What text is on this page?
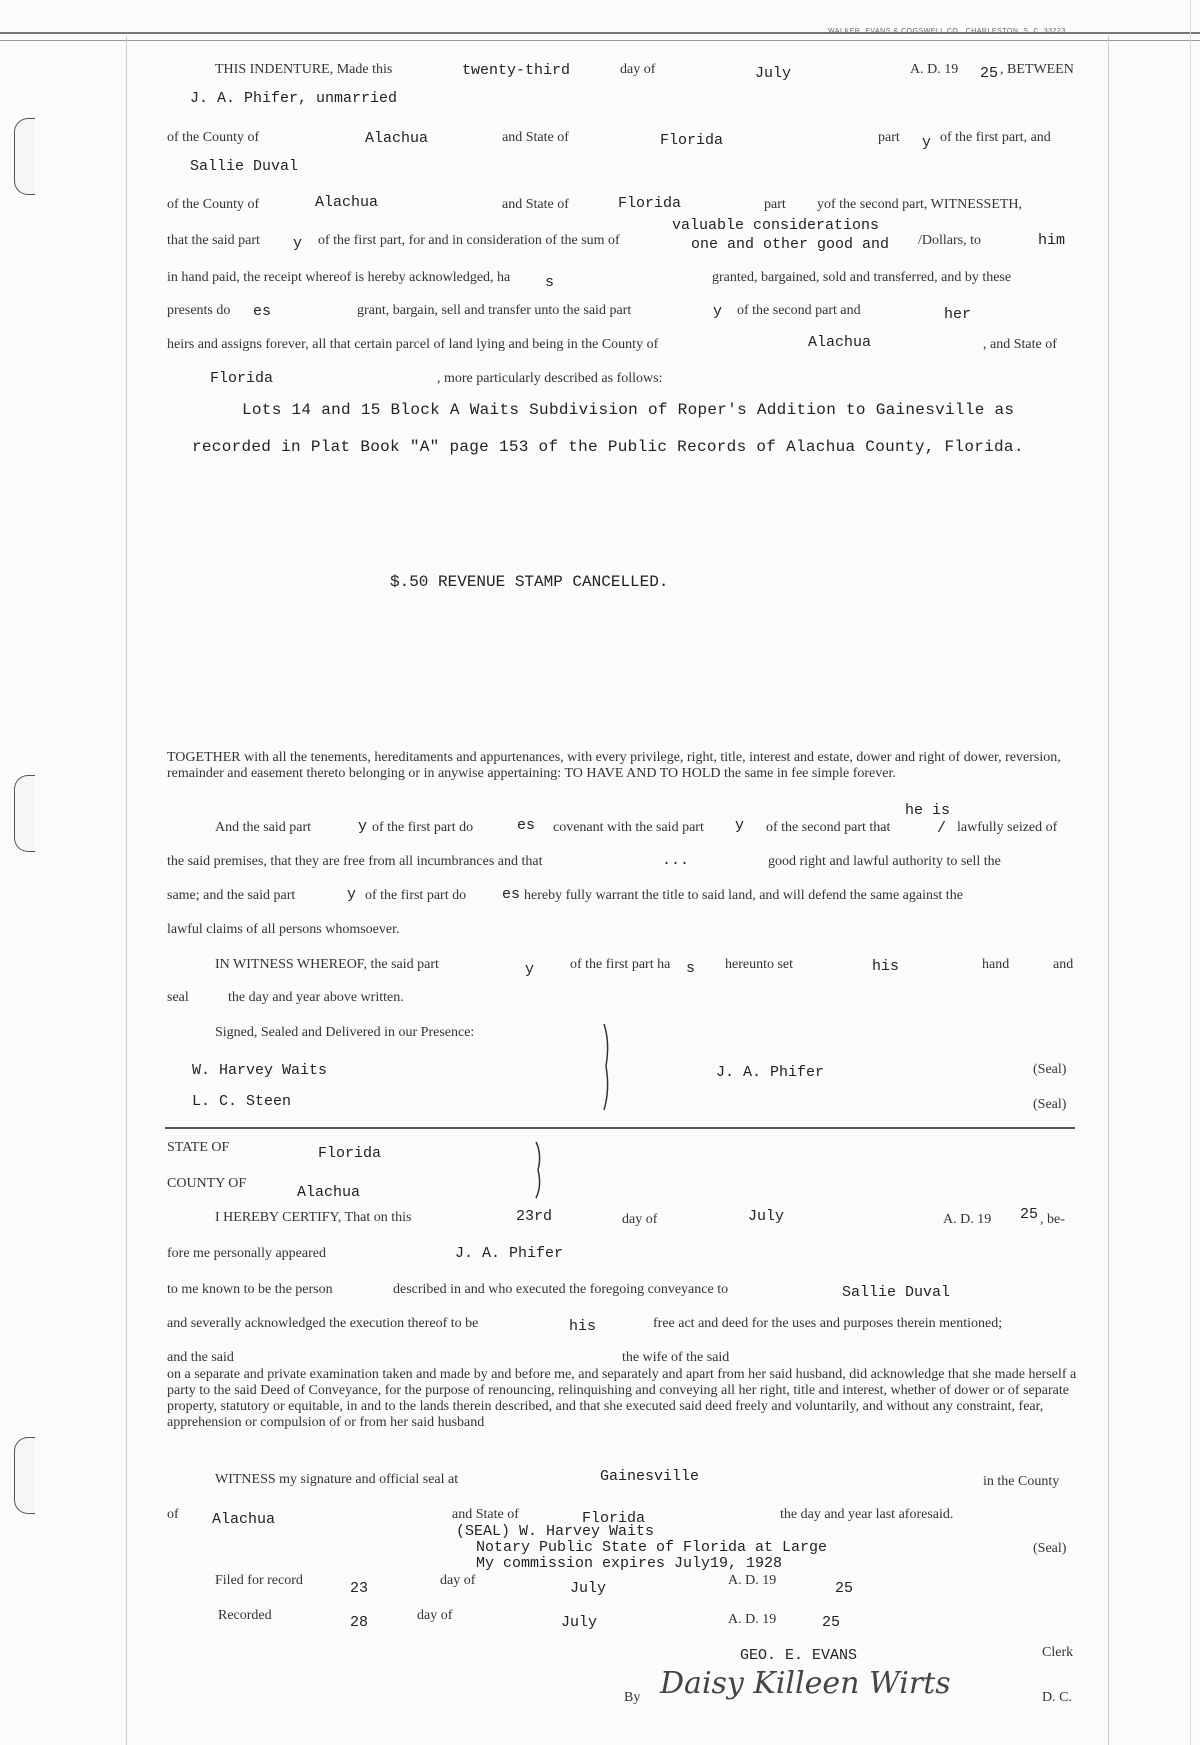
WALKER, EVANS & COGSWELL CO., CHARLESTON, S. C. 33223
THIS INDENTURE, Made this	twenty-third	day of	July	A. D. 19 25 , BETWEEN
J. A. Phifer, unmarried
of the County of	Alachua	and State of	Florida	part y of the first part, and
Sallie Duval
of the County of	Alachua	and State of	Florida	part yof the second part, WITNESSETH,
valuable considerations
that the said part y of the first part, for and in consideration of the sum of	one and other good and /Dollars, to	him
in hand paid, the receipt whereof is hereby acknowledged, ha s	granted, bargained, sold and transferred, and by these
presents do es	grant, bargain, sell and transfer unto the said part	y of the second part and	her
heirs and assigns forever, all that certain parcel of land lying and being in the County of	Alachua	, and State of
Florida	, more particularly described as follows:
Lots 14 and 15 Block A Waits Subdivision of Roper's Addition to Gainesville as
recorded in Plat Book "A" page 153 of the Public Records of Alachua County, Florida.
$.50 REVENUE STAMP CANCELLED.
TOGETHER with all the tenements, hereditaments and appurtenances, with every privilege, right, title, interest and estate, dower and right of dower, reversion, remainder and easement thereto belonging or in anywise appertaining: TO HAVE AND TO HOLD the same in fee simple forever.
he is
And the said part	y of the first part do	es covenant with the said part y of the second part that	/ lawfully seized of
the said premises, that they are free from all incumbrances and that	...	good right and lawful authority to sell the
same; and the said part	y of the first part do es hereby fully warrant the title to said land, and will defend the same against the
lawful claims of all persons whomsoever.
IN WITNESS WHEREOF, the said part	y	of the first part ha s hereunto set	his	hand	and
seal	the day and year above written.
Signed, Sealed and Delivered in our Presence:
W. Harvey Waits	J. A. Phifer	(Seal)
L. C. Steen	(Seal)
STATE OF	Florida
COUNTY OF
Alachua
I HEREBY CERTIFY, That on this	23rd	day of	July	A. D. 19 25 , be-
fore me personally appeared	J. A. Phifer
to me known to be the person	described in and who executed the foregoing conveyance to	Sallie Duval
and severally acknowledged the execution thereof to be	his	free act and deed for the uses and purposes therein mentioned;
and the said	the wife of the said
on a separate and private examination taken and made by and before me, and separately and apart from her said husband, did acknowledge that she made herself a party to the said Deed of Conveyance, for the purpose of renouncing, relinquishing and conveying all her right, title and interest, whether of dower or of separate property, statutory or equitable, in and to the lands therein described, and that she executed said deed freely and voluntarily, and without any constraint, fear, apprehension or compulsion of or from her said husband
WITNESS my signature and official seal at	Gainesville	in the County
of Alachua	and State of	Florida	the day and year last aforesaid.
(SEAL) W. Harvey Waits
Notary Public State of Florida at Large
My commission expires July19, 1928
(Seal)
Filed for record	23	day of	July	A. D. 19	25
Recorded	28	day of	July	A. D. 19	25
GEO. E. EVANS	Clerk
By Daisy Killeen Wirts	D. C.
